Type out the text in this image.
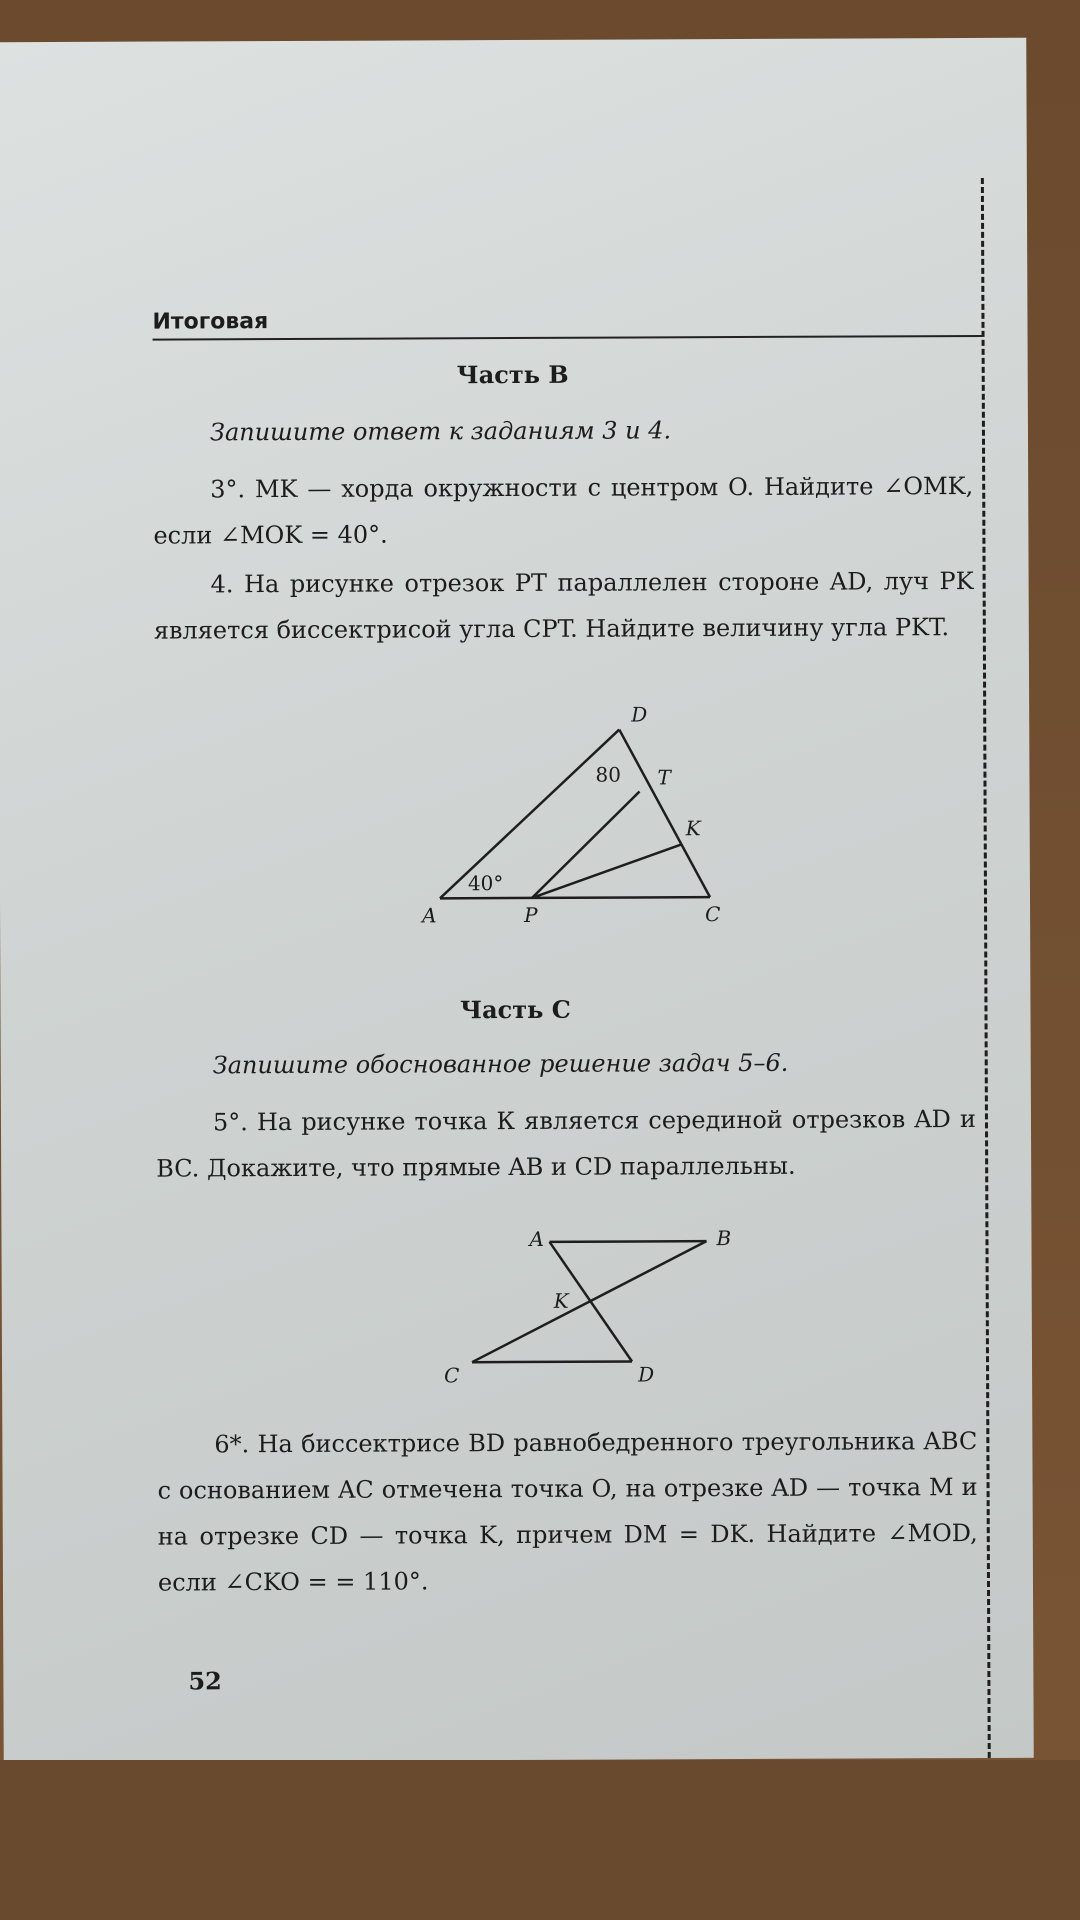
Итоговая
Часть B
Запишите ответ к заданиям 3 и 4.
3°. MK — хорда окружности с центром O. Найдите ∠OMK, если ∠MOK = 40°.
4. На рисунке отрезок PT параллелен стороне AD, луч PK является биссектрисой угла CPT. Найдите величину угла PKT.
D
T
K
A	P	C
80
40°
Часть C
Запишите обоснованное решение задач 5–6.
5°. На рисунке точка К является серединой отрезков AD и BC. Докажите, что прямые AB и CD параллельны.
A	B
K
C	D
6*. На биссектрисе BD равнобедренного треугольника ABC с основанием AC отмечена точка O, на отрезке AD — точка M и на отрезке CD — точка K, причем DM = DK. Найдите ∠MOD, если ∠CKO = = 110°.
52
